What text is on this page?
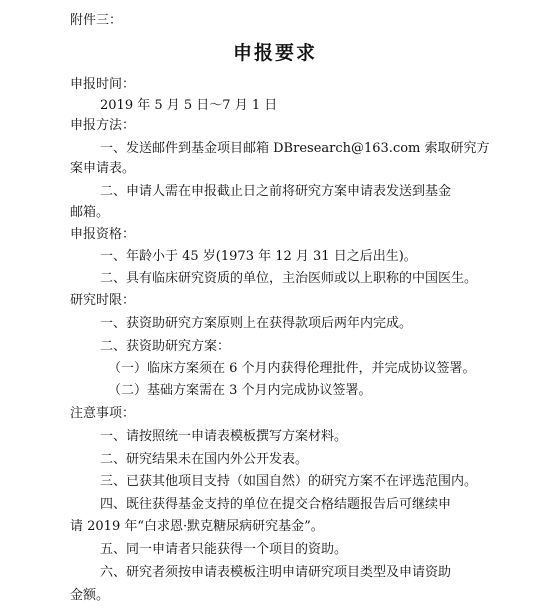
附件三：
申报要求
申报时间：
2019 年 5 月 5 日～7 月 1 日
申报方法：
一、发送邮件到基金项目邮箱 DBresearch@163.com 索取研究方
案申请表。
二、申请人需在申报截止日之前将研究方案申请表发送到基金
邮箱。
申报资格：
一、年龄小于 45 岁(1973 年 12 月 31 日之后出生)。
二、具有临床研究资质的单位，主治医师或以上职称的中国医生。
研究时限：
一、获资助研究方案原则上在获得款项后两年内完成。
二、获资助研究方案：
（一）临床方案须在 6 个月内获得伦理批件，并完成协议签署。
（二）基础方案需在 3 个月内完成协议签署。
注意事项：
一、请按照统一申请表模板撰写方案材料。
二、研究结果未在国内外公开发表。
三、已获其他项目支持（如国自然）的研究方案不在评选范围内。
四、既往获得基金支持的单位在提交合格结题报告后可继续申
请 2019 年“白求恩·默克糖尿病研究基金”。
五、同一申请者只能获得一个项目的资助。
六、研究者须按申请表模板注明申请研究项目类型及申请资助
金额。
